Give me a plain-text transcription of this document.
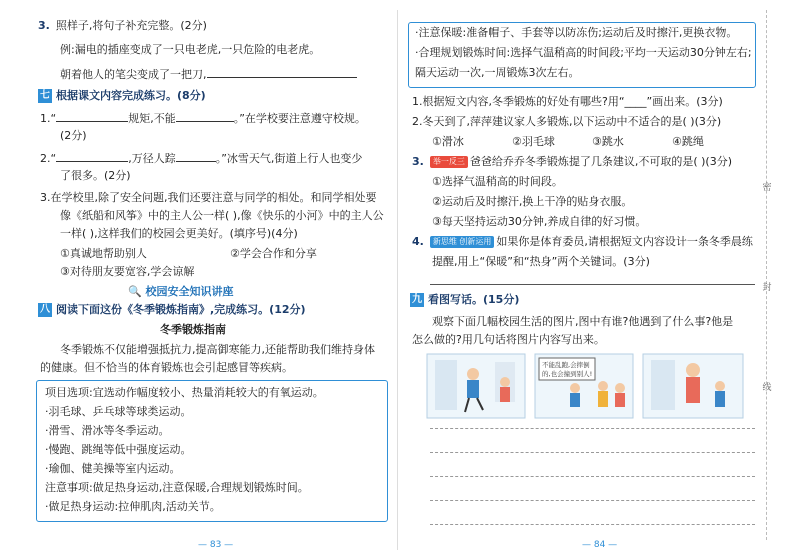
3. 照样子,将句子补充完整。(2分)
例:漏电的插座变成了一只电老虎,一只危险的电老虎。
朝着他人的笔尖变成了一把刀,
七 根据课文内容完成练习。(8分)
1.“	规矩,不能	。”在学校要注意遵守校规。
(2分)
2.“	,万径人踪	。”冰雪天气,街道上行人也变少
了很多。(2分)
3.在学校里,除了安全问题,我们还要注意与同学的相处。和同学相处要
像《纸船和风筝》中的主人公一样( ),像《快乐的小河》中的主人公
一样( ),这样我们的校园会更美好。(填序号)(4分)
①真诚地帮助别人	②学会合作和分享
③对待朋友要宽容,学会谅解
🔍 校园安全知识讲座
八 阅读下面这份《冬季锻炼指南》,完成练习。(12分)
冬季锻炼指南
冬季锻炼不仅能增强抵抗力,提高御寒能力,还能帮助我们维持身体
的健康。但不恰当的体育锻炼也会引起感冒等疾病。
项目选项:宜选动作幅度较小、热量消耗较大的有氧运动。
·羽毛球、乒乓球等球类运动。
·滑雪、滑冰等冬季运动。
·慢跑、跳绳等低中强度运动。
·瑜伽、健美操等室内运动。
注意事项:做足热身运动,注意保暖,合理规划锻炼时间。
·做足热身运动:拉伸肌肉,活动关节。
— 83 —
·注意保暖:准备帽子、手套等以防冻伤;运动后及时擦汗,更换衣物。
·合理规划锻炼时间:选择气温稍高的时间段;平均一天运动30分钟左右;
隔天运动一次,一周锻炼3次左右。
1.根据短文内容,冬季锻炼的好处有哪些?用“____”画出来。(3分)
2.冬天到了,萍萍建议家人多锻炼,以下运动中不适合的是( )(3分)
①滑冰	②羽毛球	③跳水	④跳绳
3. 举一反三 爸爸给乔乔冬季锻炼提了几条建议,不可取的是( )(3分)
①选择气温稍高的时间段。
②运动后及时擦汗,换上干净的贴身衣服。
③每天坚持运动30分钟,养成自律的好习惯。
4. 新思维 创新运用 如果你是体育委员,请根据短文内容设计一条冬季晨练
提醒,用上“保暖”和“热身”两个关键词。(3分)
九 看图写话。(15分)
观察下面几幅校园生活的图片,图中有谁?他遇到了什么事?他是
怎么做的?用几句话将图片内容写出来。
不能乱跑,会摔倒
的,也会撞到别人!
— 84 —
密
封
线
